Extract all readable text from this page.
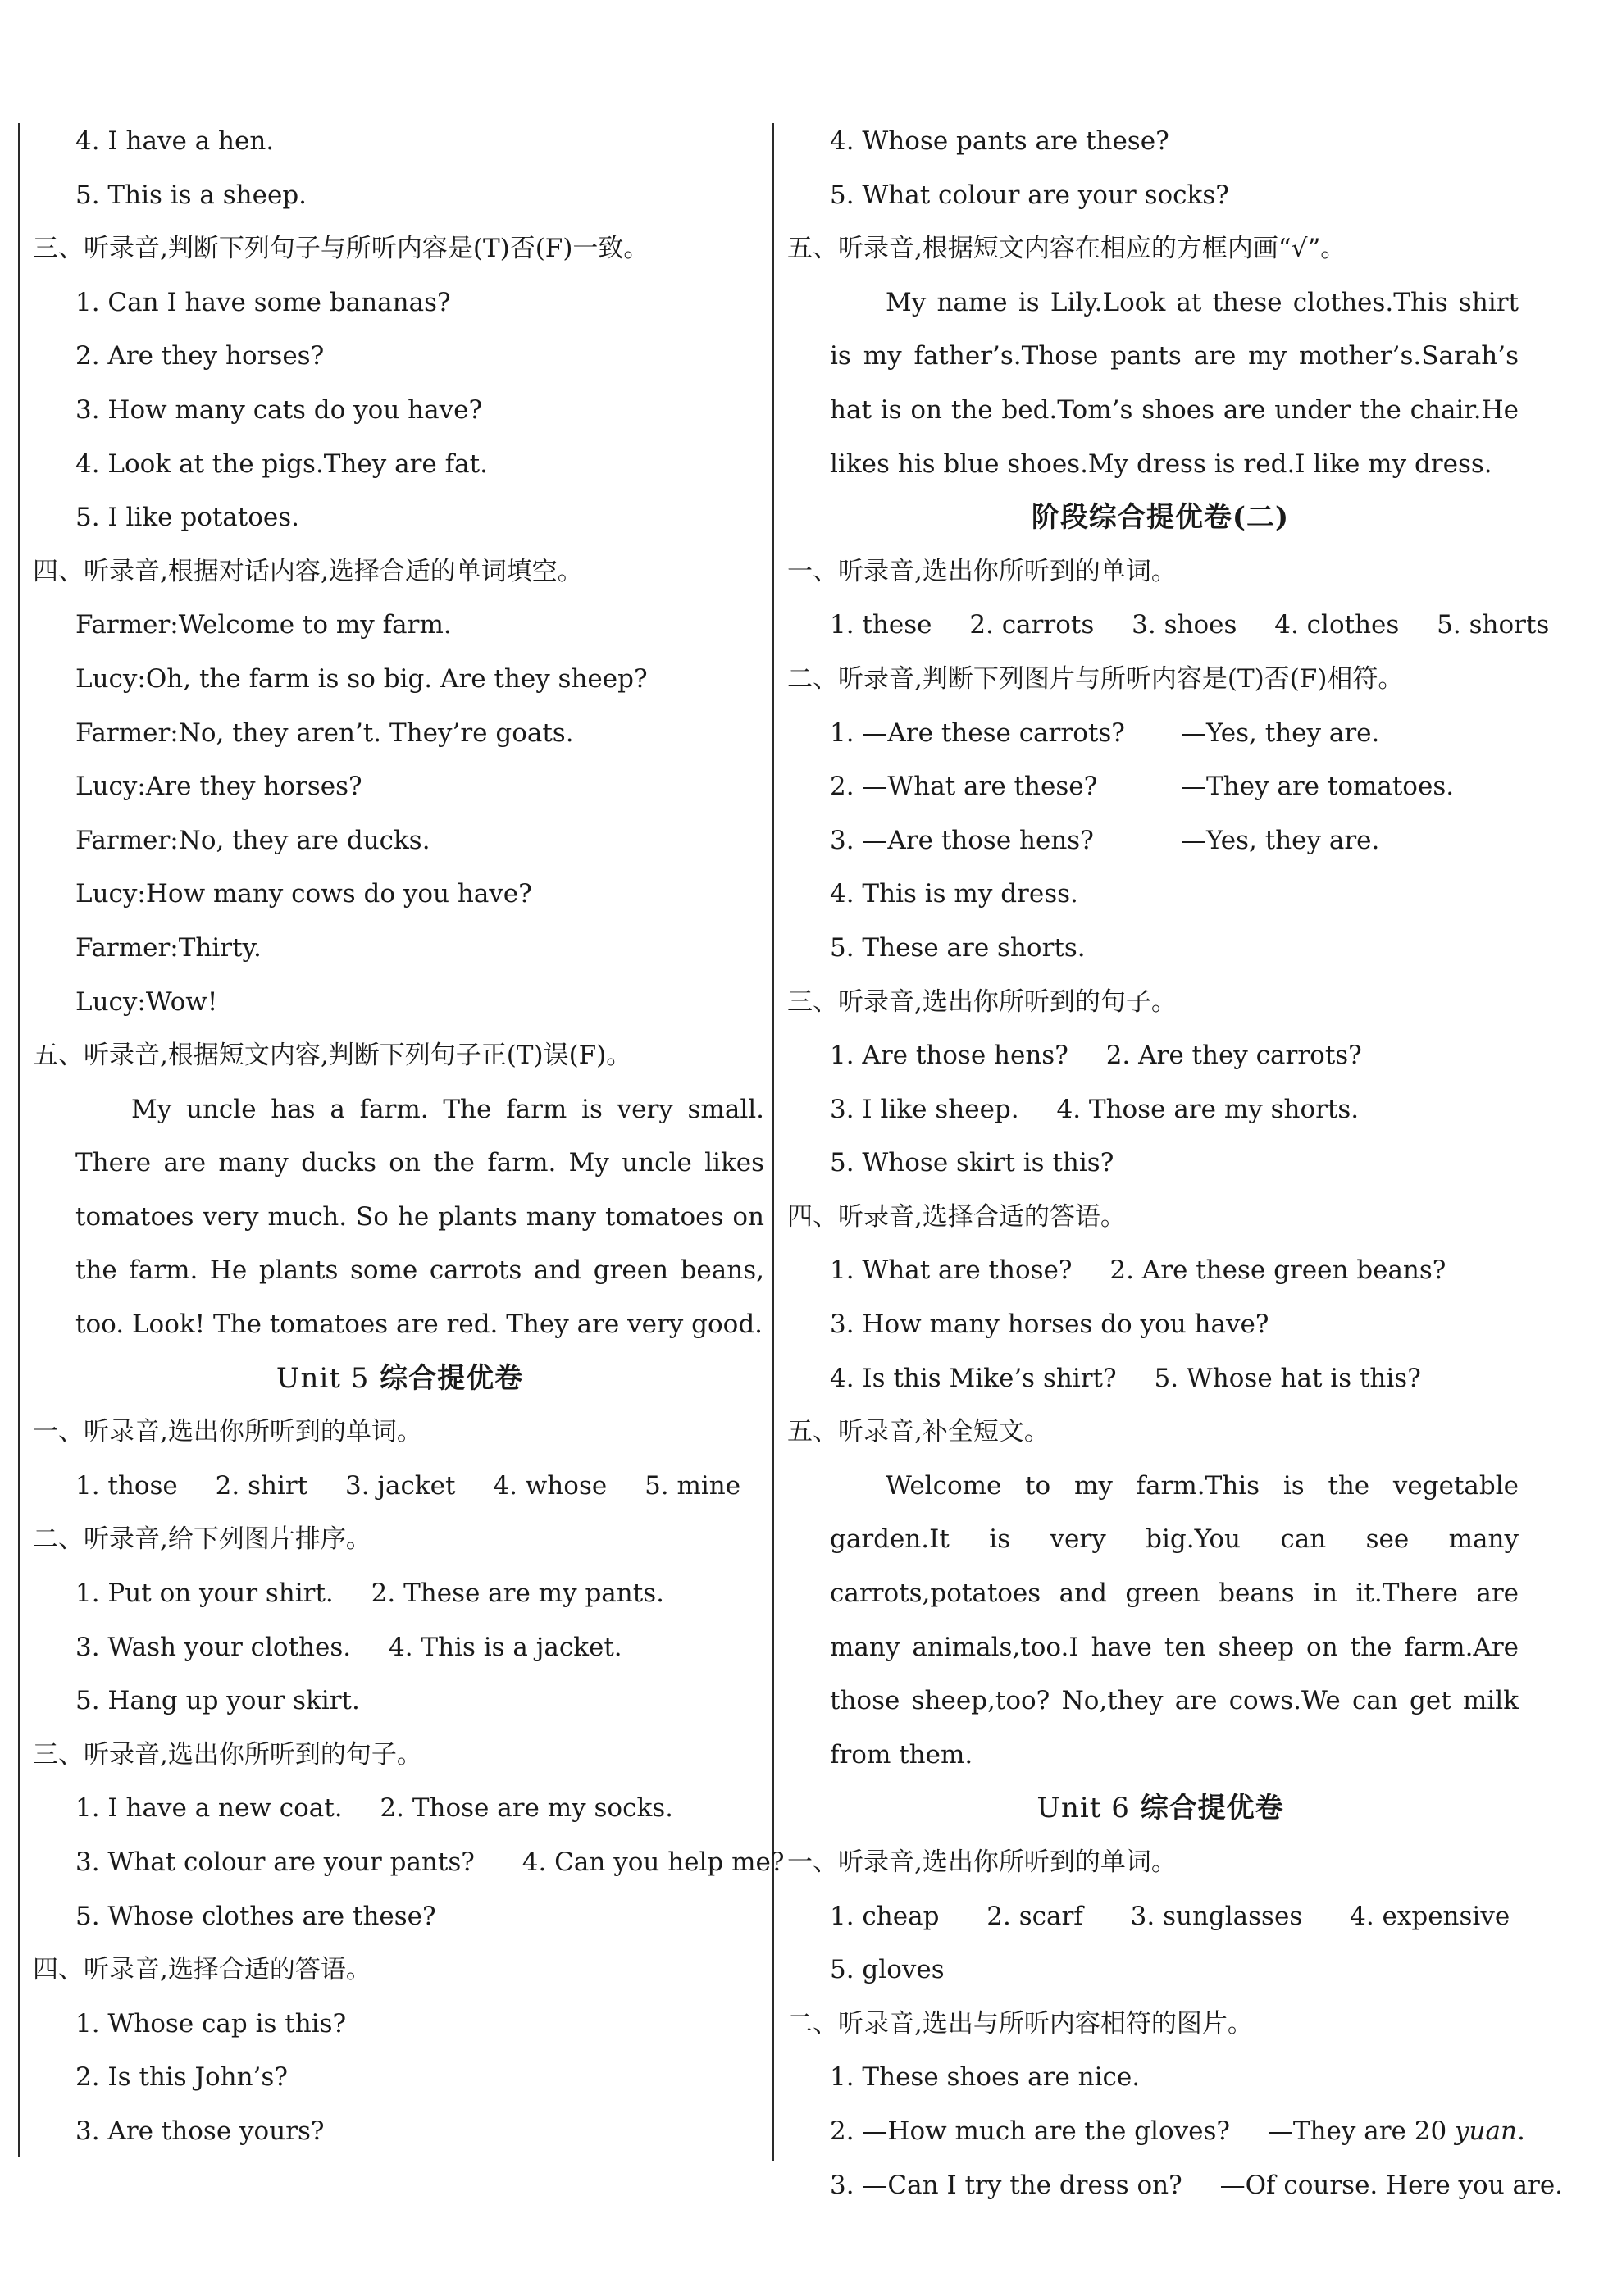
4. I have a hen.
5. This is a sheep.
三、听录音,判断下列句子与所听内容是(T)否(F)一致。
1. Can I have some bananas?
2. Are they horses?
3. How many cats do you have?
4. Look at the pigs.They are fat.
5. I like potatoes.
四、听录音,根据对话内容,选择合适的单词填空。
Farmer:Welcome to my farm.
Lucy:Oh, the farm is so big. Are they sheep?
Farmer:No, they aren’t. They’re goats.
Lucy:Are they horses?
Farmer:No, they are ducks.
Lucy:How many cows do you have?
Farmer:Thirty.
Lucy:Wow!
五、听录音,根据短文内容,判断下列句子正(T)误(F)。

My uncle has a farm. The farm is very small. There are many ducks on the farm. My uncle likes tomatoes very much. So he plants many tomatoes on the farm. He plants some carrots and green beans, too. Look! The tomatoes are red. They are very good.

Unit 5 综合提优卷
一、听录音,选出你所听到的单词。
1. those 2. shirt 3. jacket 4. whose 5. mine
二、听录音,给下列图片排序。
1. Put on your shirt. 2. These are my pants.
3. Wash your clothes. 4. This is a jacket.
5. Hang up your skirt.
三、听录音,选出你所听到的句子。
1. I have a new coat. 2. Those are my socks.
3. What colour are your pants? 4. Can you help me?
5. Whose clothes are these?
四、听录音,选择合适的答语。
1. Whose cap is this?
2. Is this John’s?
3. Are those yours?
4. Whose pants are these?
5. What colour are your socks?
五、听录音,根据短文内容在相应的方框内画“√”。

My name is Lily.Look at these clothes.This shirt is my father’s.Those pants are my mother’s.Sarah’s hat is on the bed.Tom’s shoes are under the chair.He likes his blue shoes.My dress is red.I like my dress.

阶段综合提优卷(二)
一、听录音,选出你所听到的单词。
1. these 2. carrots 3. shoes 4. clothes 5. shorts
二、听录音,判断下列图片与所听内容是(T)否(F)相符。
1. —Are these carrots? —Yes, they are.
2. —What are these?	—They are tomatoes.
3. —Are those hens?	—Yes, they are.
4. This is my dress.
5. These are shorts.
三、听录音,选出你所听到的句子。
1. Are those hens? 2. Are they carrots?
3. I like sheep. 4. Those are my shorts.
5. Whose skirt is this?
四、听录音,选择合适的答语。
1. What are those? 2. Are these green beans?
3. How many horses do you have?
4. Is this Mike’s shirt? 5. Whose hat is this?
五、听录音,补全短文。

Welcome to my farm.This is the vegetable garden.It is very big.You can see many carrots,potatoes and green beans in it.There are many animals,too.I have ten sheep on the farm.Are those sheep,too? No,they are cows.We can get milk from them.

Unit 6 综合提优卷
一、听录音,选出你所听到的单词。
1. cheap 2. scarf 3. sunglasses 4. expensive
5. gloves
二、听录音,选出与所听内容相符的图片。
1. These shoes are nice.
2. —How much are the gloves? —They are 20 yuan.
3. —Can I try the dress on? —Of course. Here you are.
